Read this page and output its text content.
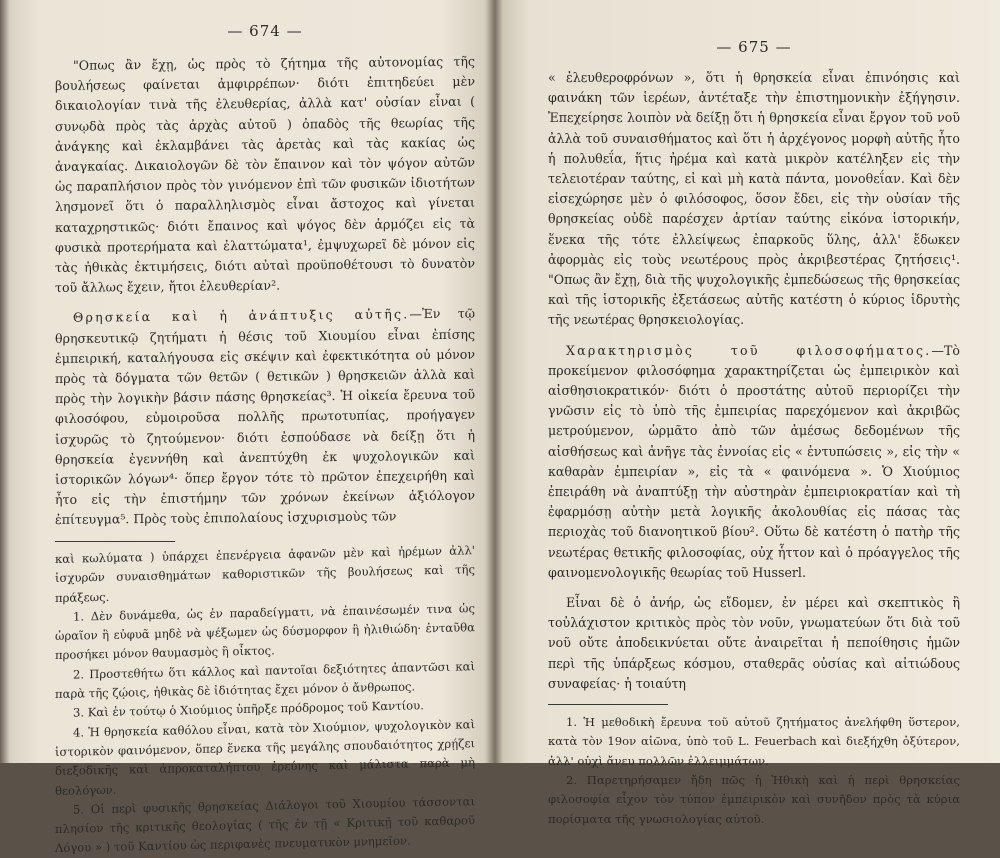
— 674 —

"Οπως ἂν ἔχῃ, ὡς πρὸς τὸ ζήτημα τῆς αὐτονομίας τῆς βουλήσεως φαίνεται ἀμφιρρέπων· διότι ἐπιτηδεύει μὲν δικαιολογίαν τινὰ τῆς ἐλευθερίας, ἀλλὰ κατ' οὐσίαν εἶναι ( συνῳδὰ πρὸς τὰς ἀρχὰς αὐτοῦ ) ὀπαδὸς τῆς θεωρίας τῆς ἀνάγκης καὶ ἐκλαμβάνει τὰς ἀρετὰς καὶ τὰς κακίας ὡς ἀναγκαίας. Δικαιολογῶν δὲ τὸν ἔπαινον καὶ τὸν ψόγον αὐτῶν ὡς παραπλήσιον πρὸς τὸν γινόμενον ἐπὶ τῶν φυσικῶν ἰδιοτήτων λησμονεῖ ὅτι ὁ παραλληλισμὸς εἶναι ἄστοχος καὶ γίνεται καταχρηστικῶς· διότι ἔπαινος καὶ ψόγος δὲν ἁρμόζει εἰς τὰ φυσικὰ προτερήματα καὶ ἐλαττώματα¹, ἐμψυχωρεῖ δὲ μόνον εἰς τὰς ἠθικὰς ἐκτιμήσεις, διότι αὐταὶ προϋποθέτουσι τὸ δυνατὸν τοῦ ἄλλως ἔχειν, ἤτοι ἐλευθερίαν².

Θρησκεία καὶ ἡ ἀνάπτυξις αὐτῆς.—Ἐν τῷ θρησκευτικῷ ζητήματι ἡ θέσις τοῦ Χιουμίου εἶναι ἐπίσης ἐμπειρική, καταλήγουσα εἰς σκέψιν καὶ ἐφεκτικότητα οὐ μόνον πρὸς τὰ δόγματα τῶν θετῶν ( θετικῶν ) θρησκειῶν ἀλλὰ καὶ πρὸς τὴν λογικὴν βάσιν πάσης θρησκείας³. Ἡ οἰκεία ἔρευνα τοῦ φιλοσόφου, εὐμοιροῦσα πολλῆς πρωτοτυπίας, προήγαγεν ἰσχυρῶς τὸ ζητούμενον· διότι ἐσπούδασε νὰ δείξῃ ὅτι ἡ θρησκεία ἐγεννήθη καὶ ἀνεπτύχθη ἐκ ψυχολογικῶν καὶ ἱστορικῶν λόγων⁴· ὅπερ ἔργον τότε τὸ πρῶτον ἐπεχειρήθη καὶ ἦτο εἰς τὴν ἐπιστήμην τῶν χρόνων ἐκείνων ἀξιόλογον ἐπίτευγμα⁵. Πρὸς τοὺς ἐπιπολαίους ἰσχυρισμοὺς τῶν

καὶ κωλύματα ) ὑπάρχει ἐπενέργεια ἀφανῶν μὲν καὶ ἠρέμων ἀλλ' ἰσχυρῶν συναισθημάτων καθοριστικῶν τῆς βουλήσεως καὶ τῆς πράξεως.

1. Δὲν δυνάμεθα, ὡς ἐν παραδείγματι, νὰ ἐπαινέσωμέν τινα ὡς ὡραῖον ἢ εὐφυᾶ μηδὲ νὰ ψέξωμεν ὡς δύσμορφον ἢ ἠλιθιώδη· ἐνταῦθα προσήκει μόνον θαυμασμὸς ἢ οἶκτος.

2. Προστεθήτω ὅτι κάλλος καὶ παντοῖαι δεξιότητες ἀπαντῶσι καὶ παρὰ τῆς ζῴοις, ἠθικὰς δὲ ἰδιότητας ἔχει μόνον ὁ ἄνθρωπος.

3. Καὶ ἐν τούτῳ ὁ Χιούμιος ὑπῆρξε πρόδρομος τοῦ Καντίου.

4. Ἡ θρησκεία καθόλου εἶναι, κατὰ τὸν Χιούμιον, ψυχολογικὸν καὶ ἱστορικὸν φαινόμενον, ὅπερ ἕνεκα τῆς μεγάλης σπουδαιότητος χρῄζει διεξοδικῆς καὶ ἀπροκαταλήπτου ἐρεύνης καὶ μάλιστα παρὰ μὴ θεολόγων.

5. Οἱ περὶ φυσικῆς θρησκείας Διάλογοι τοῦ Χιουμίου τάσσονται πλησίον τῆς κριτικῆς θεολογίας ( τῆς ἐν τῇ « Κριτικῇ τοῦ καθαροῦ Λόγου » ) τοῦ Καντίου ὡς περιφανὲς πνευματικὸν μνημεῖον.

— 675 —

« ἐλευθεροφρόνων », ὅτι ἡ θρησκεία εἶναι ἐπινόησις καὶ φαινάκη τῶν ἱερέων, ἀντέταξε τὴν ἐπιστημονικὴν ἐξήγησιν. Ἐπεχείρησε λοιπὸν νὰ δείξῃ ὅτι ἡ θρησκεία εἶναι ἔργον τοῦ νοῦ ἀλλὰ τοῦ συναισθήματος καὶ ὅτι ἡ ἀρχέγονος μορφὴ αὐτῆς ἦτο ἡ πολυθεΐα, ἥτις ἠρέμα καὶ κατὰ μικρὸν κατέληξεν εἰς τὴν τελειοτέραν ταύτης, εἰ καὶ μὴ κατὰ πάντα, μονοθεΐαν. Καὶ δὲν εἰσεχώρησε μὲν ὁ φιλόσοφος, ὅσον ἔδει, εἰς τὴν οὐσίαν τῆς θρησκείας οὐδὲ παρέσχεν ἀρτίαν ταύτης εἰκόνα ἱστορικήν, ἕνεκα τῆς τότε ἐλλείψεως ἐπαρκοῦς ὕλης, ἀλλ' ἔδωκεν ἀφορμὰς εἰς τοὺς νεωτέρους πρὸς ἀκριβεστέρας ζητήσεις¹. "Οπως ἂν ἔχῃ, διὰ τῆς ψυχολογικῆς ἐμπεδώσεως τῆς θρησκείας καὶ τῆς ἱστορικῆς ἐξετάσεως αὐτῆς κατέστη ὁ κύριος ἱδρυτὴς τῆς νεωτέρας θρησκειολογίας.

Χαρακτηρισμὸς τοῦ φιλοσοφήματος.—Τὸ προκείμενον φιλοσόφημα χαρακτηρίζεται ὡς ἐμπειρικὸν καὶ αἰσθησιοκρατικόν· διότι ὁ προστάτης αὐτοῦ περιορίζει τὴν γνῶσιν εἰς τὸ ὑπὸ τῆς ἐμπειρίας παρεχόμενον καὶ ἀκριβῶς μετρούμενον, ὡρμᾶτο ἀπὸ τῶν ἀμέσως δεδομένων τῆς αἰσθήσεως καὶ ἀνῆγε τὰς ἐννοίας εἰς « ἐντυπώσεις », εἰς τὴν « καθαρὰν ἐμπειρίαν », εἰς τὰ « φαινόμενα ». Ὁ Χιούμιος ἐπειράθη νὰ ἀναπτύξῃ τὴν αὐστηρὰν ἐμπειριοκρατίαν καὶ τὴ ἐφαρμόσῃ αὐτὴν μετὰ λογικῆς ἀκολουθίας εἰς πάσας τὰς περιοχὰς τοῦ διανοητικοῦ βίου². Οὕτω δὲ κατέστη ὁ πατὴρ τῆς νεωτέρας θετικῆς φιλοσοφίας, οὐχ ἧττον καὶ ὁ πρόαγγελος τῆς φαινομενολογικῆς θεωρίας τοῦ Husserl.

Εἶναι δὲ ὁ ἀνήρ, ὡς εἴδομεν, ἐν μέρει καὶ σκεπτικὸς ἢ τοὐλάχιστον κριτικὸς πρὸς τὸν νοῦν, γνωματεύων ὅτι διὰ τοῦ νοῦ οὔτε ἀποδεικνύεται οὔτε ἀναιρεῖται ἡ πεποίθησις ἡμῶν περὶ τῆς ὑπάρξεως κόσμου, σταθερᾶς οὐσίας καὶ αἰτιώδους συναφείας· ἡ τοιαύτη

1. Ἡ μεθοδικὴ ἔρευνα τοῦ αὐτοῦ ζητήματος ἀνελήφθη ὕστερον, κατὰ τὸν 19ον αἰῶνα, ὑπὸ τοῦ L. Feuerbach καὶ διεξήχθη ὀξύτερον, ἀλλ' οὐχὶ ἄνευ πολλῶν ἐλλειμμάτων.

2. Παρετηρήσαμεν ἤδη πῶς ἡ Ἠθικὴ καὶ ἡ περὶ θρησκείας φιλοσοφία εἶχον τὸν τύπον ἐμπειρικὸν καὶ συνῆδον πρὸς τὰ κύρια πορίσματα τῆς γνωσιολογίας αὐτοῦ.
